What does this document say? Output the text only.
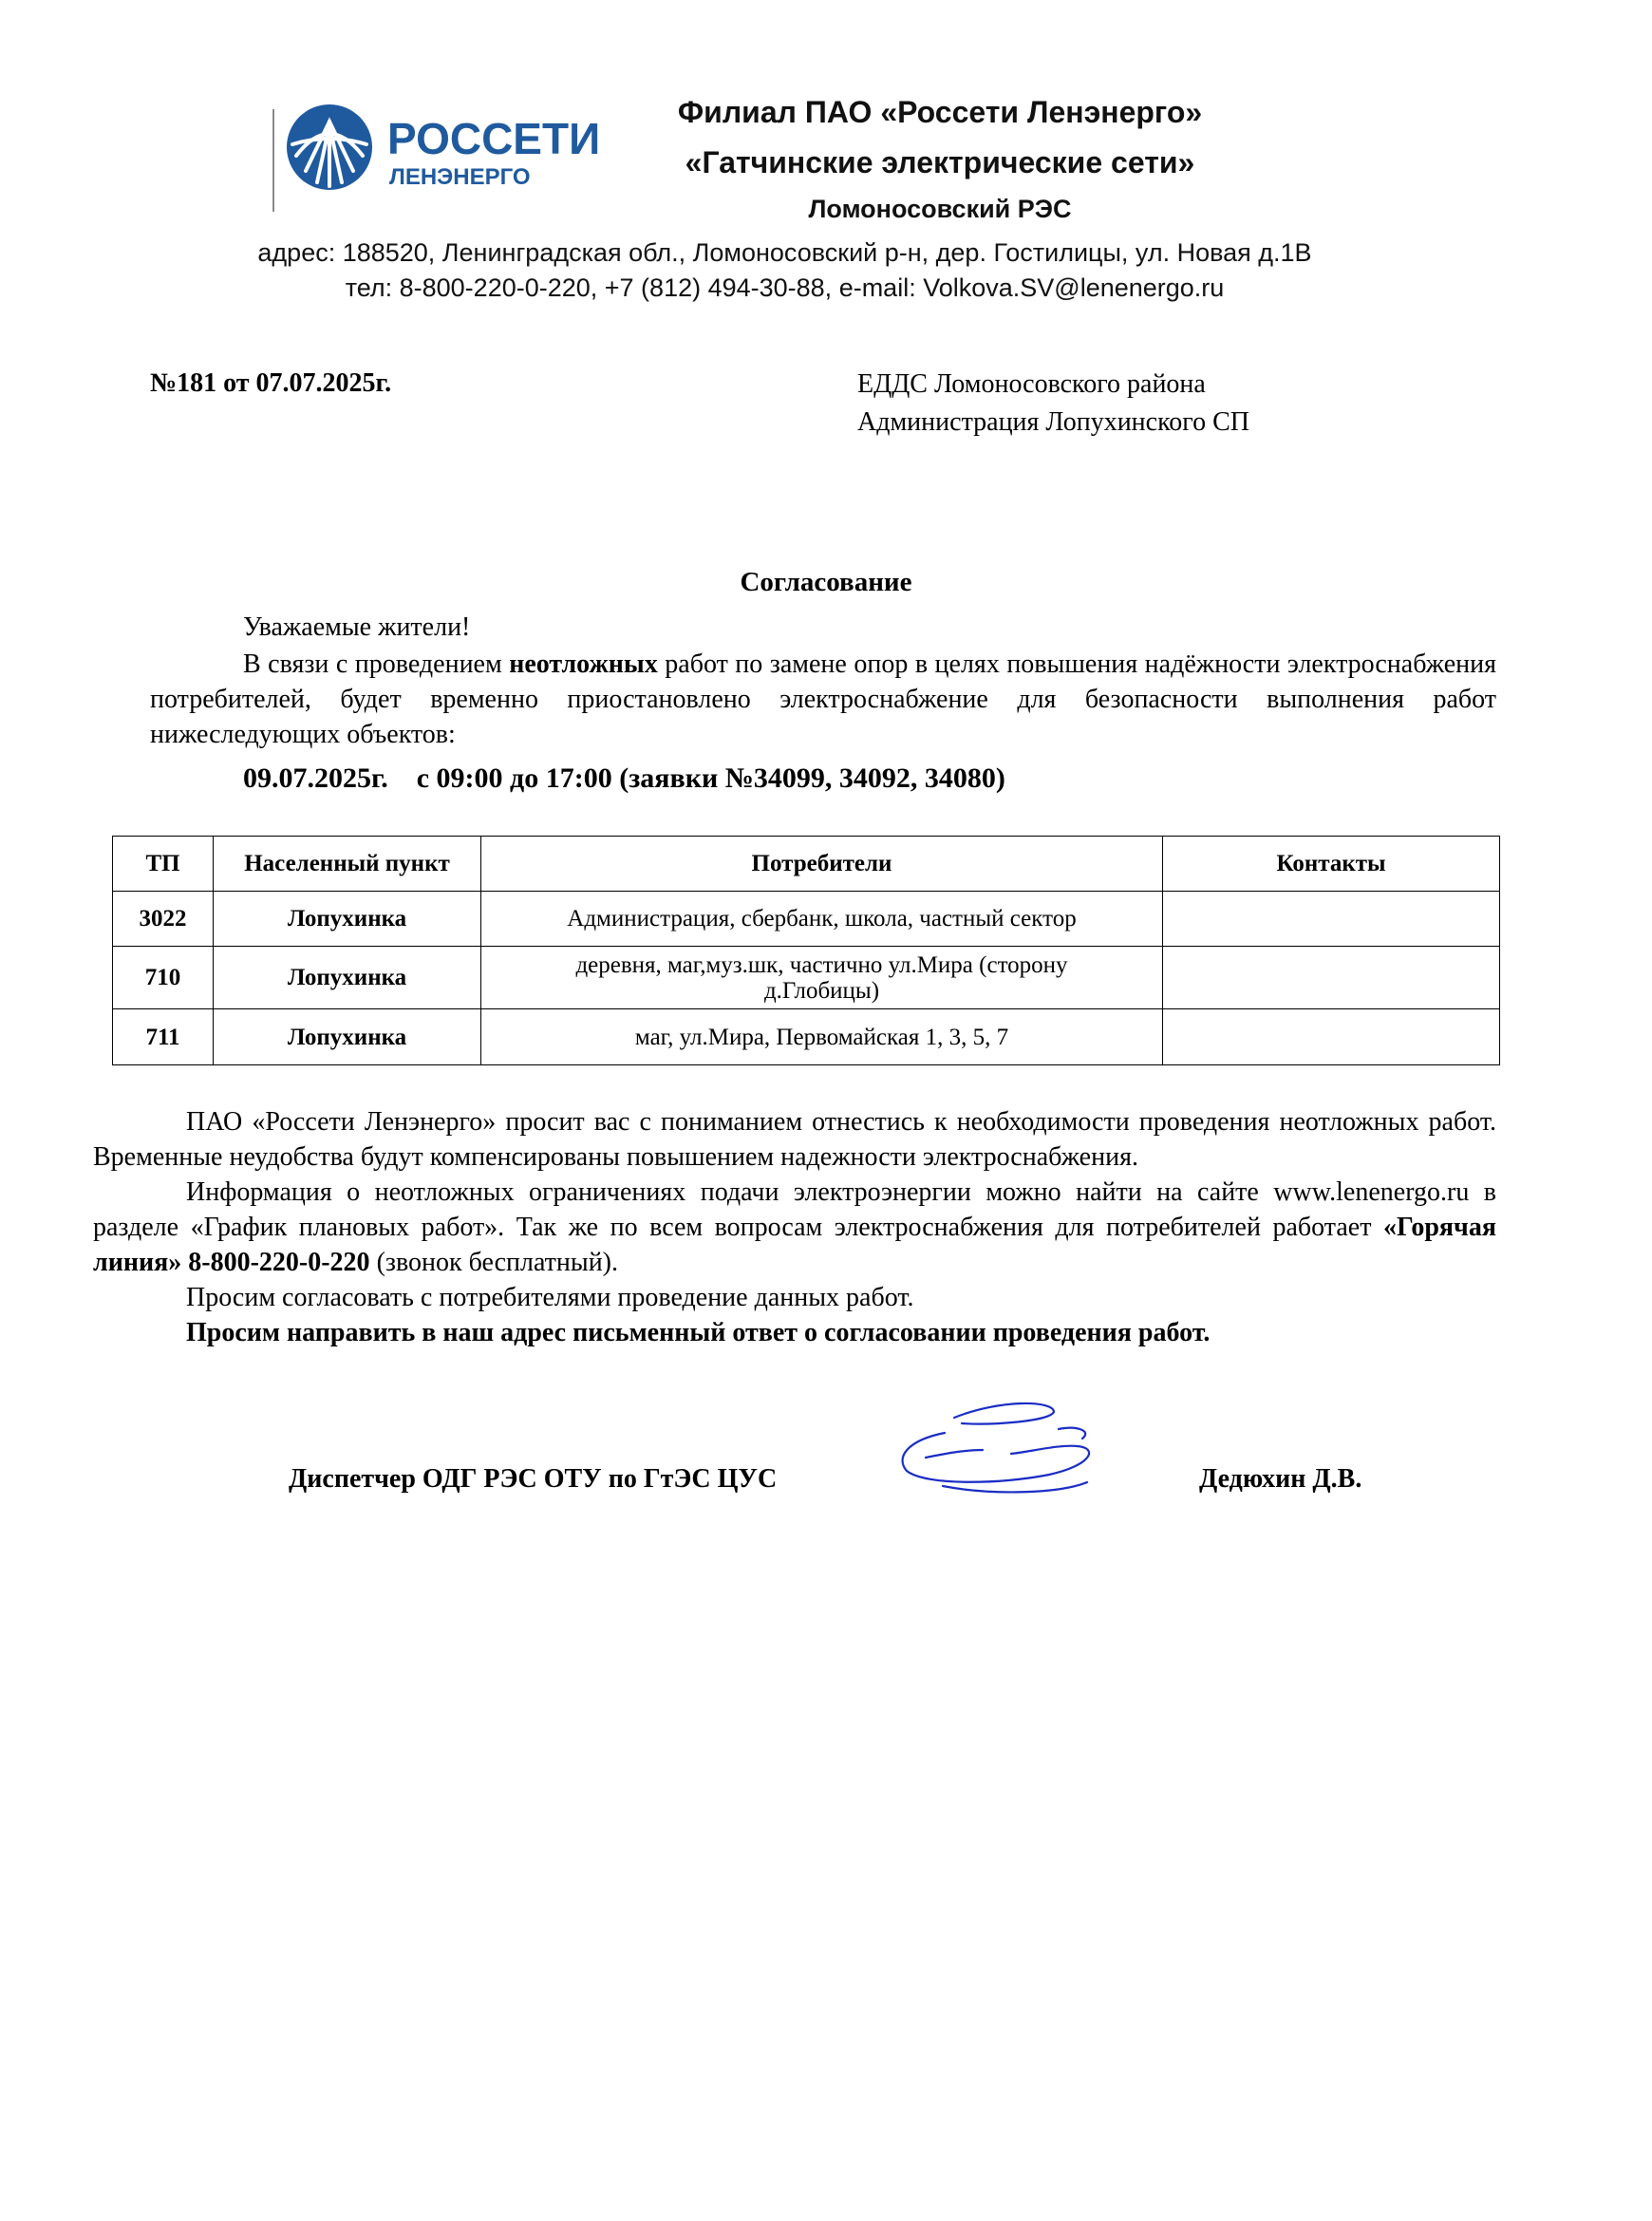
РОССЕТИ
ЛЕНЭНЕРГО
Филиал ПАО «Россети Ленэнерго»
«Гатчинские электрические сети»
Ломоносовский РЭС
адрес: 188520, Ленинградская обл., Ломоносовский р-н, дер. Гостилицы, ул. Новая д.1В
тел: 8-800-220-0-220, +7 (812) 494-30-88, e-mail: Volkova.SV@lenenergo.ru
№181 от 07.07.2025г.	ЕДДС Ломоносовского района
Администрация Лопухинского СП
Согласование
Уважаемые жители!
В связи с проведением неотложных работ по замене опор в целях повышения надёжности электроснабжения потребителей, будет временно приостановлено электроснабжение для безопасности выполнения работ нижеследующих объектов:
09.07.2025г.    с 09:00 до 17:00 (заявки №34099, 34092, 34080)
ТП	Населенный пункт	Потребители	Контакты
3022	Лопухинка	Администрация, сбербанк, школа, частный сектор	
710	Лопухинка	деревня, маг,муз.шк, частично ул.Мира (сторону д.Глобицы)	
711	Лопухинка	маг, ул.Мира, Первомайская 1, 3, 5, 7	

ПАО «Россети Ленэнерго» просит вас с пониманием отнестись к необходимости проведения неотложных работ. Временные неудобства будут компенсированы повышением надежности электроснабжения.

Информация о неотложных ограничениях подачи электроэнергии можно найти на сайте www.lenenergo.ru в разделе «График плановых работ». Так же по всем вопросам электроснабжения для потребителей работает «Горячая линия» 8-800-220-0-220 (звонок бесплатный).

Просим согласовать с потребителями проведение данных работ.

Просим направить в наш адрес письменный ответ о согласовании проведения работ.

Диспетчер ОДГ РЭС ОТУ по ГтЭС ЦУС	Дедюхин Д.В.
